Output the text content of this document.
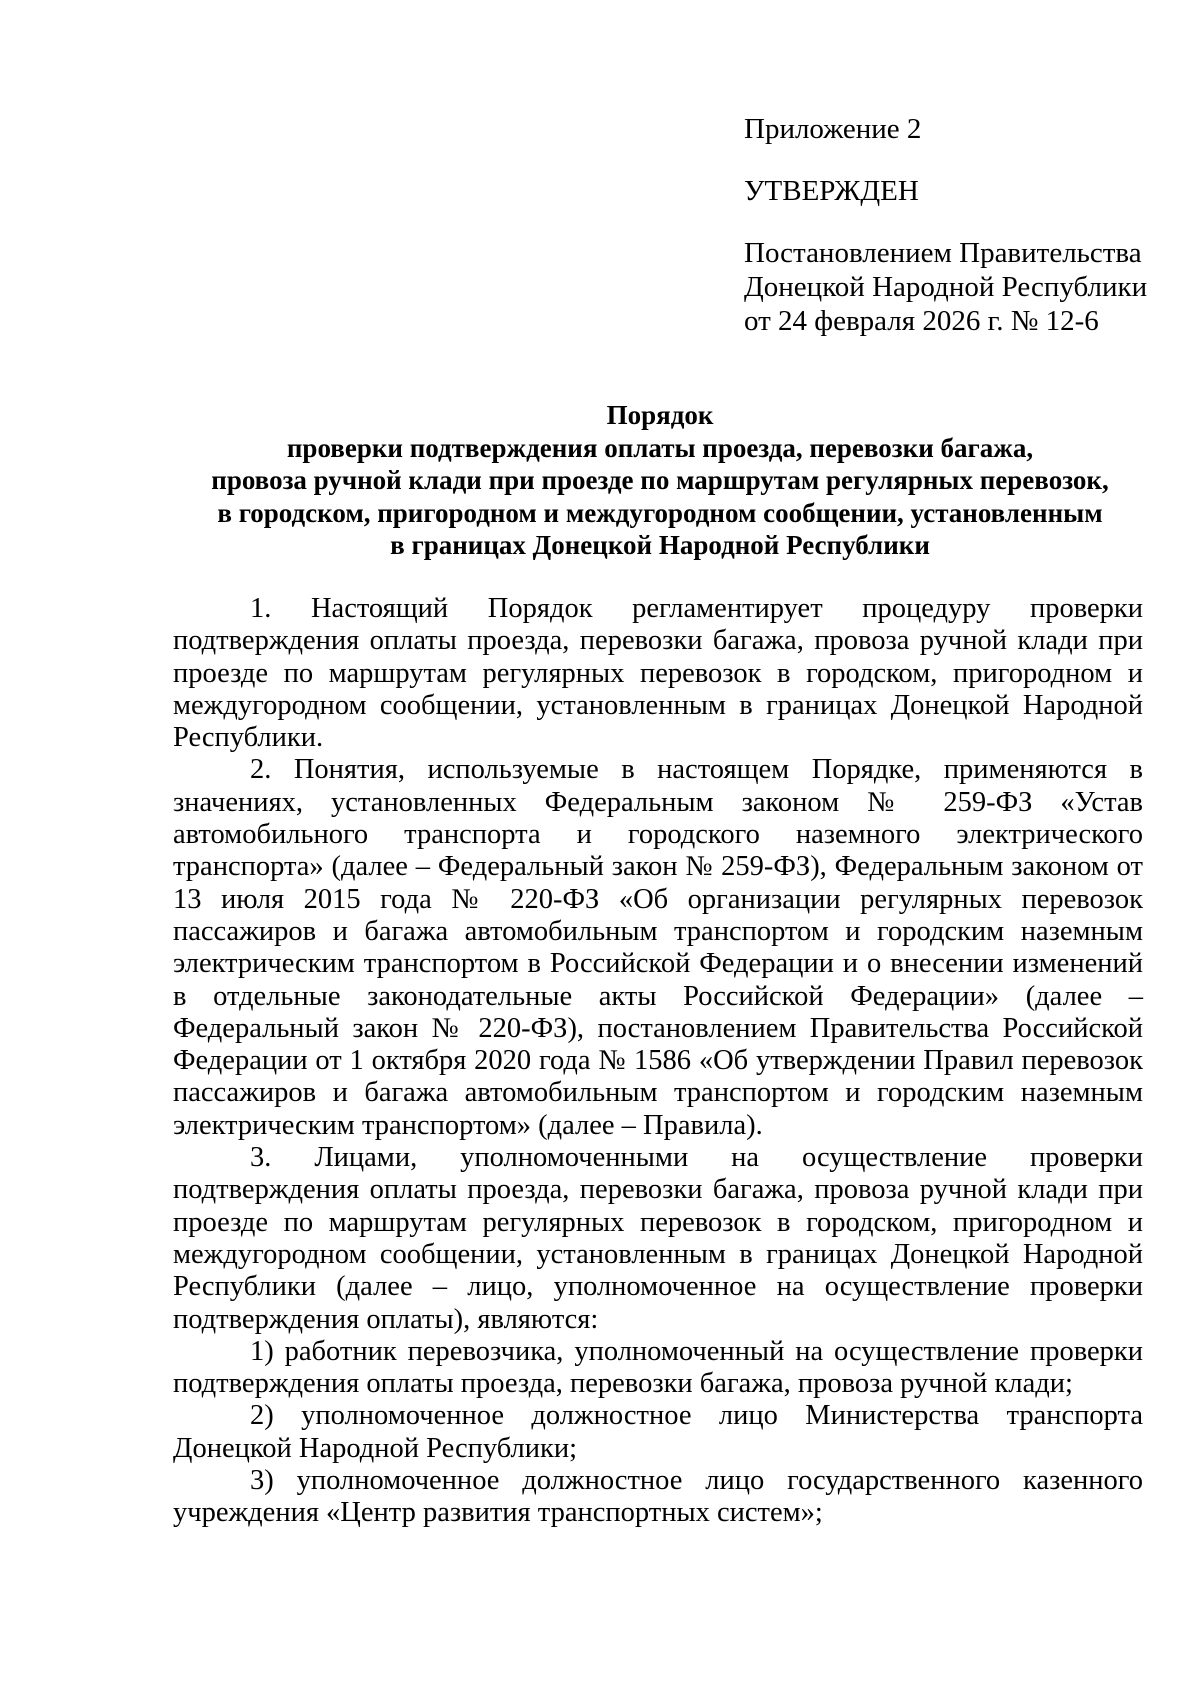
Приложение 2

УТВЕРЖДЕН

Постановлением Правительства
Донецкой Народной Республики
от 24 февраля 2026 г. № 12-6

Порядок
проверки подтверждения оплаты проезда, перевозки багажа,
провоза ручной клади при проезде по маршрутам регулярных перевозок,
в городском, пригородном и междугородном сообщении, установленным
в границах Донецкой Народной Республики

1. Настоящий Порядок регламентирует процедуру проверки подтверждения оплаты проезда, перевозки багажа, провоза ручной клади при проезде по маршрутам регулярных перевозок в городском, пригородном и междугородном сообщении, установленным в границах Донецкой Народной Республики.

2. Понятия, используемые в настоящем Порядке, применяются в значениях, установленных Федеральным законом № 259-ФЗ «Устав автомобильного транспорта и городского наземного электрического транспорта» (далее – Федеральный закон № 259-ФЗ), Федеральным законом от 13 июля 2015 года № 220-ФЗ «Об организации регулярных перевозок пассажиров и багажа автомобильным транспортом и городским наземным электрическим транспортом в Российской Федерации и о внесении изменений в отдельные законодательные акты Российской Федерации» (далее – Федеральный закон № 220-ФЗ), постановлением Правительства Российской Федерации от 1 октября 2020 года № 1586 «Об утверждении Правил перевозок пассажиров и багажа автомобильным транспортом и городским наземным электрическим транспортом» (далее – Правила).

3. Лицами, уполномоченными на осуществление проверки подтверждения оплаты проезда, перевозки багажа, провоза ручной клади при проезде по маршрутам регулярных перевозок в городском, пригородном и междугородном сообщении, установленным в границах Донецкой Народной Республики (далее – лицо, уполномоченное на осуществление проверки подтверждения оплаты), являются:

1) работник перевозчика, уполномоченный на осуществление проверки подтверждения оплаты проезда, перевозки багажа, провоза ручной клади;

2) уполномоченное должностное лицо Министерства транспорта Донецкой Народной Республики;

3) уполномоченное должностное лицо государственного казенного учреждения «Центр развития транспортных систем»;
